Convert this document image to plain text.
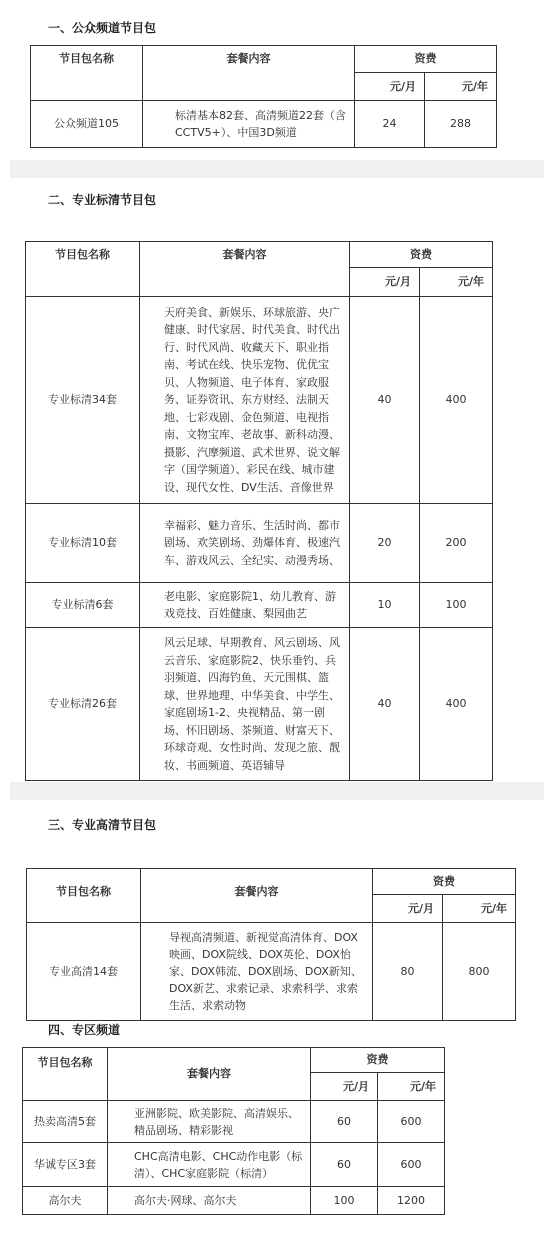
一、公众频道节目包
节目包名称	套餐内容	资费	
		元/月	元/年
公众频道105	标清基本82套、高清频道22套（含CCTV5+）、中国3D频道	24	288
二、专业标清节目包
节目包名称	套餐内容	资费	
		元/月	元/年
专业标清34套	天府美食、新娱乐、环球旅游、央广健康、时代家居、时代美食、时代出行、时代风尚、收藏天下、职业指南、考试在线、快乐宠物、优优宝贝、人物频道、电子体育、家政服务、证券资讯、东方财经、法制天地、七彩戏剧、金色频道、电视指南、文物宝库、老故事、新科动漫、摄影、汽摩频道、武术世界、说文解字（国学频道）、彩民在线、城市建设、现代女性、DV生活、音像世界	40	400
专业标清10套	幸福彩、魅力音乐、生活时尚、都市剧场、欢笑剧场、劲爆体育、极速汽车、游戏风云、全纪实、动漫秀场、	20	200
专业标清6套	老电影、家庭影院1、幼儿教育、游戏竞技、百姓健康、梨园曲艺	10	100
专业标清26套	风云足球、早期教育、风云剧场、风云音乐、家庭影院2、快乐垂钓、兵羽频道、四海钓鱼、天元围棋、篮球、世界地理、中华美食、中学生、家庭剧场1-2、央视精品、第一剧场、怀旧剧场、茶频道、财富天下、环球奇观、女性时尚、发现之旅、靓妆、书画频道、英语辅导	40	400
三、专业高清节目包
节目包名称	套餐内容	资费	
		元/月	元/年
专业高清14套	导视高清频道、新视觉高清体育、DOX映画、DOX院线、DOX英伦、DOX怡家、DOX韩流、DOX剧场、DOX新知、DOX新艺、求索记录、求索科学、求索生活、求索动物	80	800
四、专区频道
节目包名称	套餐内容	资费	
		元/月	元/年
热卖高清5套	亚洲影院、欧美影院、高清娱乐、精品剧场、精彩影视	60	600
华诚专区3套	CHC高清电影、CHC动作电影（标清）、CHC家庭影院（标清）	60	600
高尔夫	高尔夫·网球、高尔夫	100	1200
